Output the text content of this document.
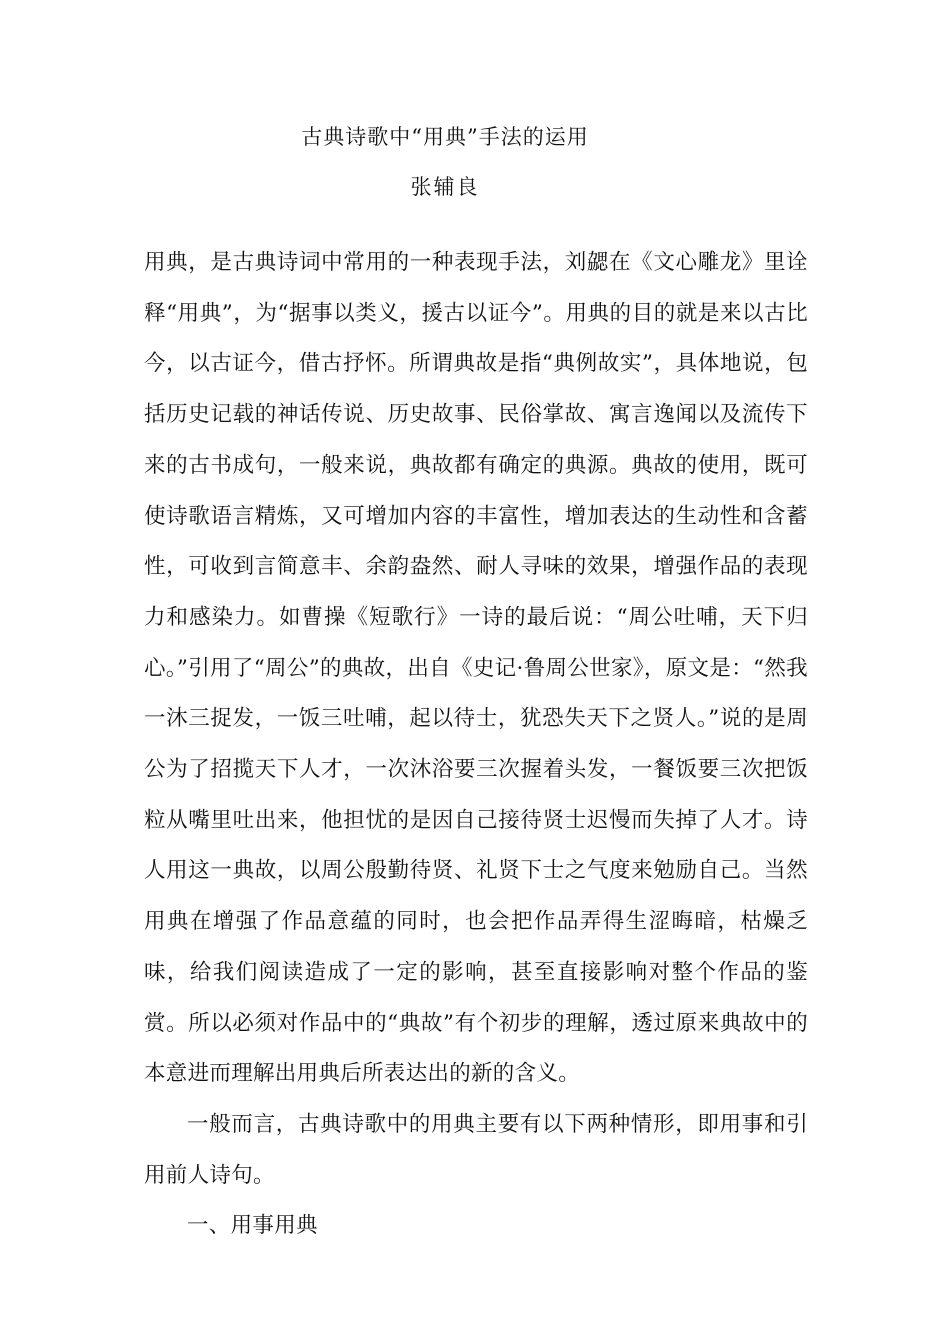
古典诗歌中“用典”手法的运用
张辅良

用典，是古典诗词中常用的一种表现手法，刘勰在《文心雕龙》里诠释“用典”，为“据事以类义，援古以证今”。用典的目的就是来以古比今，以古证今，借古抒怀。所谓典故是指“典例故实”，具体地说，包括历史记载的神话传说、历史故事、民俗掌故、寓言逸闻以及流传下来的古书成句，一般来说，典故都有确定的典源。典故的使用，既可使诗歌语言精炼，又可增加内容的丰富性，增加表达的生动性和含蓄性，可收到言简意丰、余韵盎然、耐人寻味的效果，增强作品的表现力和感染力。如曹操《短歌行》一诗的最后说：“周公吐哺，天下归心。”引用了“周公”的典故，出自《史记·鲁周公世家》，原文是：“然我一沐三捉发，一饭三吐哺，起以待士，犹恐失天下之贤人。”说的是周公为了招揽天下人才，一次沐浴要三次握着头发，一餐饭要三次把饭粒从嘴里吐出来，他担忧的是因自己接待贤士迟慢而失掉了人才。诗人用这一典故，以周公殷勤待贤、礼贤下士之气度来勉励自己。当然用典在增强了作品意蕴的同时，也会把作品弄得生涩晦暗，枯燥乏味，给我们阅读造成了一定的影响，甚至直接影响对整个作品的鉴赏。所以必须对作品中的“典故”有个初步的理解，透过原来典故中的本意进而理解出用典后所表达出的新的含义。

一般而言，古典诗歌中的用典主要有以下两种情形，即用事和引用前人诗句。

一、用事用典
